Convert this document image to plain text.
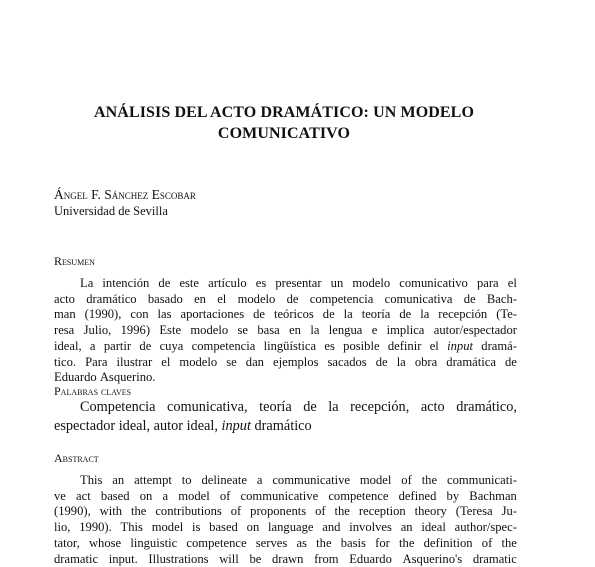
ANÁLISIS DEL ACTO DRAMÁTICO: UN MODELO
COMUNICATIVO
Ángel F. Sánchez Escobar
Universidad de Sevilla
Resumen
La intención de este artículo es presentar un modelo comunicativo para el
acto dramático basado en el modelo de competencia comunicativa de Bach-
man (1990), con las aportaciones de teóricos de la teoría de la recepción (Te-
resa Julio, 1996) Este modelo se basa en la lengua e implica autor/espectador
ideal, a partir de cuya competencia lingüística es posible definir el input dramá-
tico. Para ilustrar el modelo se dan ejemplos sacados de la obra dramática de
Eduardo
Asquerino.
Palabras claves
Competencia comunicativa, teoría de la recepción, acto dramático,
espectador ideal, autor ideal,
input
dramático
Abstract
This an attempt to delineate a communicative model of the communicati-
ve act based on a model of communicative competence defined by Bachman
(1990), with the contributions of proponents of the reception theory (Teresa Ju-
lio, 1990). This model is based on language and involves an ideal author/spec-
tator, whose linguistic competence serves as the basis for the definition of the
dramatic input. Illustrations will be drawn from Eduardo Asquerino's dramatic
